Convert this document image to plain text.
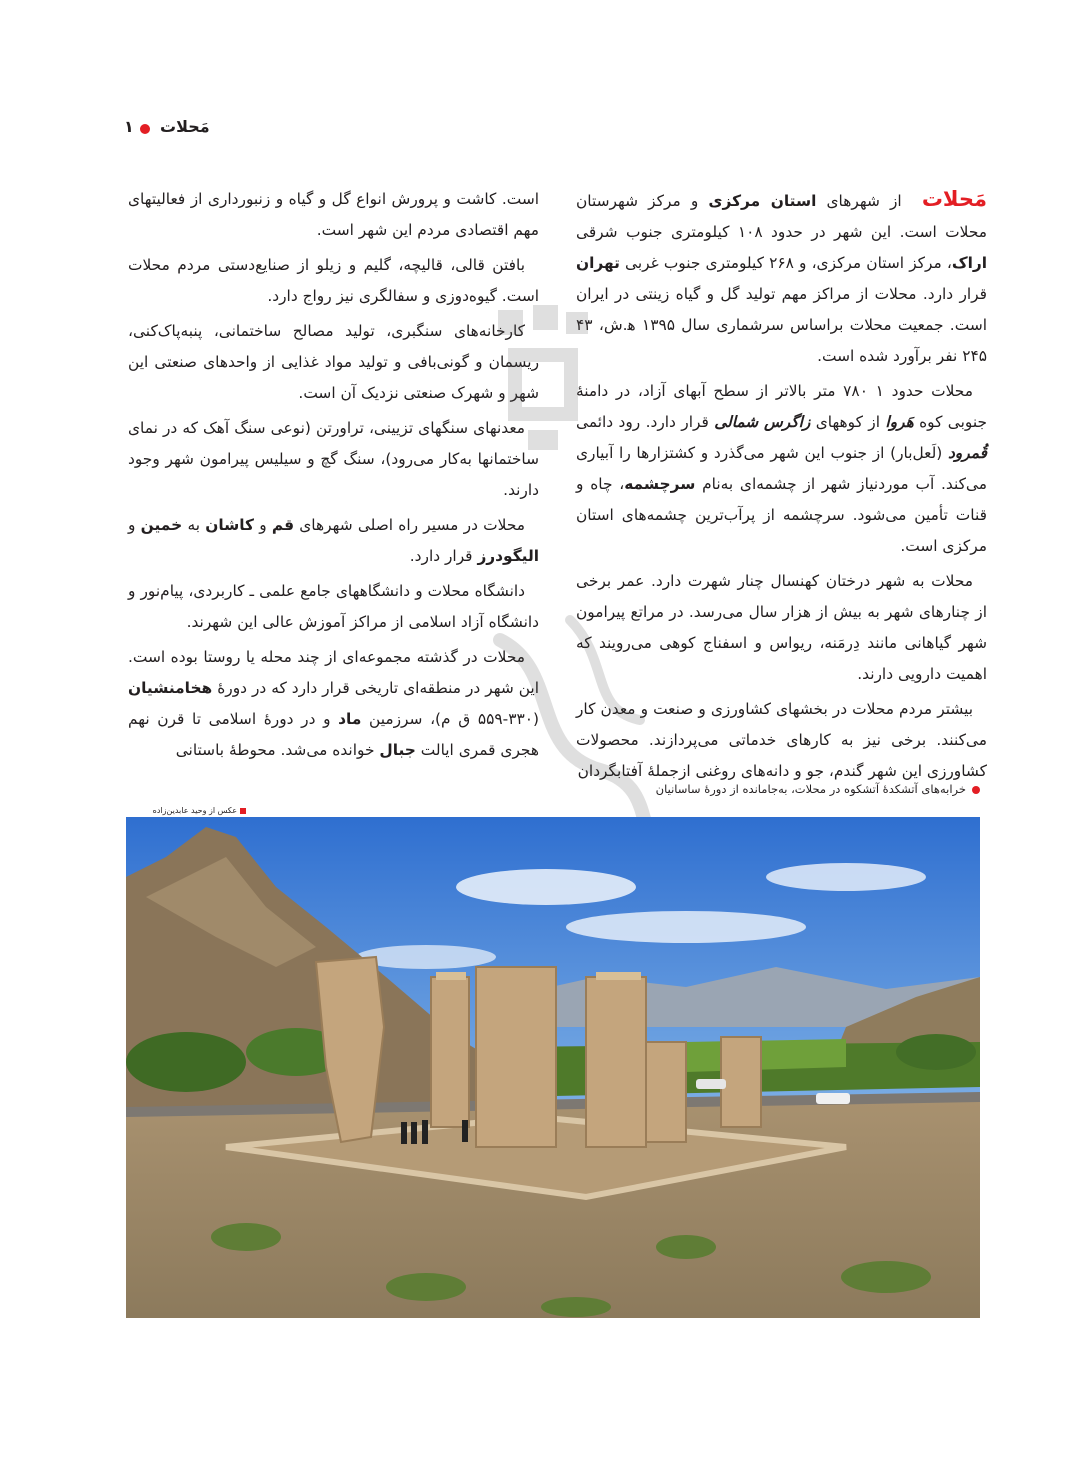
مَحلات
۱

مَحلات از شهرهای استان مرکزی و مرکز شهرستان محلات است. این شهر در حدود ۱۰۸ کیلومتری جنوب شرقی اراک، مرکز استان مرکزی، و ۲۶۸ کیلومتری جنوب غربی تهران قرار دارد. محلات از مراکز مهم تولید گل و گیاه زینتی در ایران است. جمعیت محلات براساس سرشماری سال ۱۳۹۵ ه‍.ش، ۴۳ ۲۴۵ نفر برآورد شده است.

محلات حدود ۱ ۷۸۰ متر بالاتر از سطح آبهای آزاد، در دامنهٔ جنوبی کوه هَروا از کوههای زاگرس شمالی قرار دارد. رود دائمی قُمرود (لَعل‌بار) از جنوب این شهر می‌گذرد و کشتزارها را آبیاری می‌کند. آب موردنیاز شهر از چشمه‌ای به‌نام سرچشمه، چاه و قنات تأمین می‌شود. سرچشمه از پرآب‌ترین چشمه‌های استان مرکزی است.

محلات به شهر درختان کهنسال چنار شهرت دارد. عمر برخی از چنارهای شهر به بیش از هزار سال می‌رسد. در مراتع پیرامون شهر گیاهانی مانند دِرمَنه، ریواس و اسفناج کوهی می‌رویند که اهمیت دارویی دارند.

بیشتر مردم محلات در بخشهای کشاورزی و صنعت و معدن کار می‌کنند. برخی نیز به کارهای خدماتی می‌پردازند. محصولات کشاورزی این شهر گندم، جو و دانه‌های روغنی ازجملهٔ آفتابگردان

است. کاشت و پرورش انواع گل و گیاه و زنبورداری از فعالیتهای مهم اقتصادی مردم این شهر است.

بافتن قالی، قالیچه، گلیم و زیلو از صنایع‌دستی مردم محلات است. گیوه‌دوزی و سفالگری نیز رواج دارد.

کارخانه‌های سنگبری، تولید مصالح ساختمانی، پنبه‌پاک‌کنی، ریسمان و گونی‌بافی و تولید مواد غذایی از واحدهای صنعتی این شهر و شهرک صنعتی نزدیک آن است.

معدنهای سنگهای تزیینی، تراورتن (نوعی سنگ آهک که در نمای ساختمانها به‌کار می‌رود)، سنگ گچ و سیلیس پیرامون شهر وجود دارند.

محلات در مسیر راه اصلی شهرهای قم و کاشان به خمین و الیگودرز قرار دارد.

دانشگاه محلات و دانشگاههای جامع علمی ـ کاربردی، پیام‌نور و دانشگاه آزاد اسلامی از مراکز آموزش عالی این شهرند.

محلات در گذشته مجموعه‌ای از چند محله یا روستا بوده است. این شهر در منطقه‌ای تاریخی قرار دارد که در دورهٔ هخامنشیان (۳۳۰-۵۵۹ ق م)، سرزمین ماد و در دورهٔ اسلامی تا قرن نهم هجری قمری ایالت جبال خوانده می‌شد. محوطهٔ باستانی

خرابه‌های آتشکدهٔ آتشکوه در محلات، به‌جامانده از دورهٔ ساسانیان
عکس از وحید عابدین‌زاده
